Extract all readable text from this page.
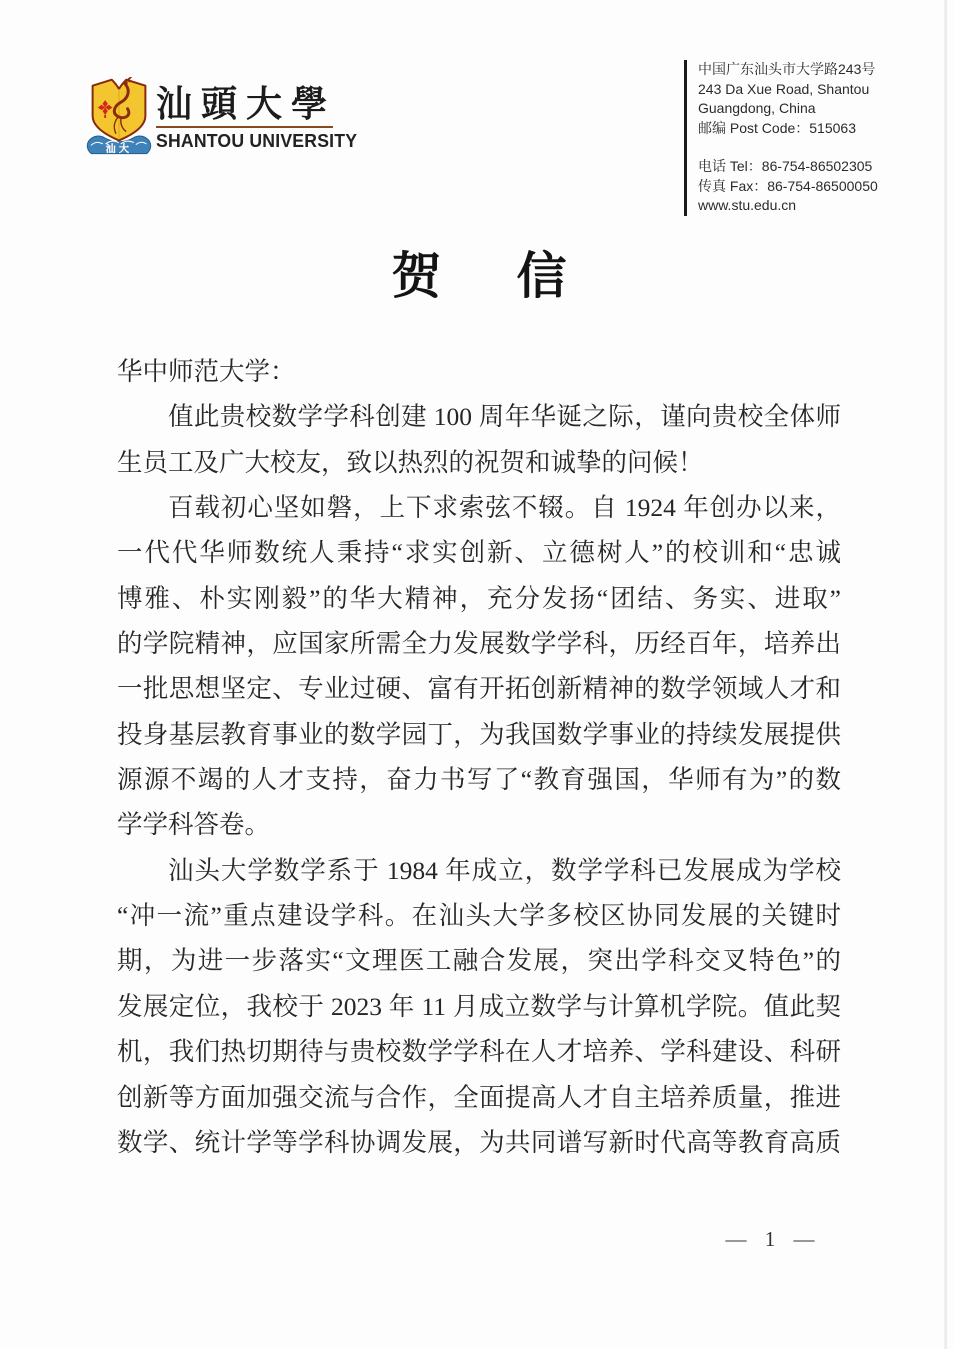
汕大
汕頭大學
SHANTOU UNIVERSITY
中国广东汕头市大学路243号
243 Da Xue Road, Shantou
Guangdong, China
邮编 Post Code：515063
电话 Tel：86-754-86502305
传真 Fax：86-754-86500050
www.stu.edu.cn
贺信
华中师范大学：
值此贵校数学学科创建 100 周年华诞之际，谨向贵校全体师
生员工及广大校友，致以热烈的祝贺和诚挚的问候！
百载初心坚如磐，上下求索弦不辍。自 1924 年创办以来，
一代代华师数统人秉持“求实创新、立德树人”的校训和“忠诚
博雅、朴实刚毅”的华大精神，充分发扬“团结、务实、进取”
的学院精神，应国家所需全力发展数学学科，历经百年，培养出
一批思想坚定、专业过硬、富有开拓创新精神的数学领域人才和
投身基层教育事业的数学园丁，为我国数学事业的持续发展提供
源源不竭的人才支持，奋力书写了“教育强国，华师有为”的数
学学科答卷。
汕头大学数学系于 1984 年成立，数学学科已发展成为学校
“冲一流”重点建设学科。在汕头大学多校区协同发展的关键时
期，为进一步落实“文理医工融合发展，突出学科交叉特色”的
发展定位，我校于 2023 年 11 月成立数学与计算机学院。值此契
机，我们热切期待与贵校数学学科在人才培养、学科建设、科研
创新等方面加强交流与合作，全面提高人才自主培养质量，推进
数学、统计学等学科协调发展，为共同谱写新时代高等教育高质
— 1 —
